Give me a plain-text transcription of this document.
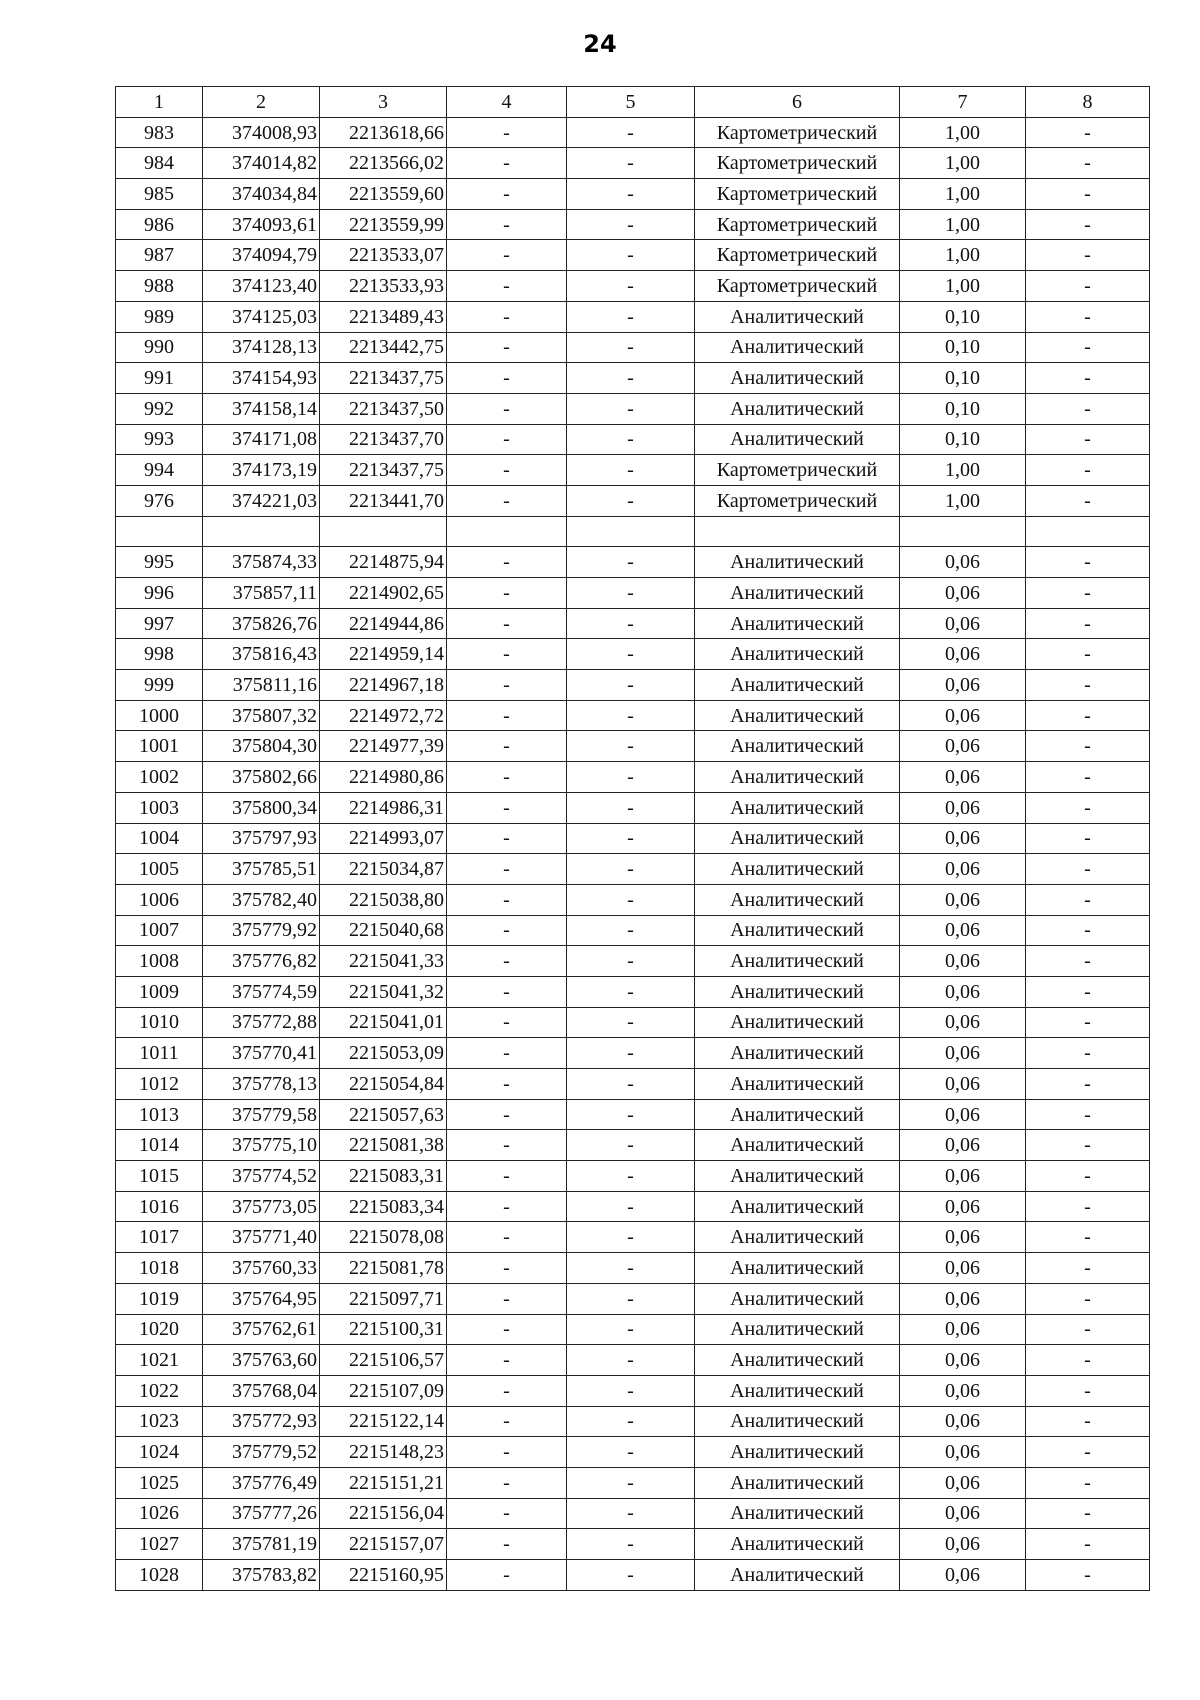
24
1	2	3	4	5	6	7	8
983	374008,93	2213618,66	-	-	Картометрический	1,00	-
984	374014,82	2213566,02	-	-	Картометрический	1,00	-
985	374034,84	2213559,60	-	-	Картометрический	1,00	-
986	374093,61	2213559,99	-	-	Картометрический	1,00	-
987	374094,79	2213533,07	-	-	Картометрический	1,00	-
988	374123,40	2213533,93	-	-	Картометрический	1,00	-
989	374125,03	2213489,43	-	-	Аналитический	0,10	-
990	374128,13	2213442,75	-	-	Аналитический	0,10	-
991	374154,93	2213437,75	-	-	Аналитический	0,10	-
992	374158,14	2213437,50	-	-	Аналитический	0,10	-
993	374171,08	2213437,70	-	-	Аналитический	0,10	-
994	374173,19	2213437,75	-	-	Картометрический	1,00	-
976	374221,03	2213441,70	-	-	Картометрический	1,00	-

995	375874,33	2214875,94	-	-	Аналитический	0,06	-
996	375857,11	2214902,65	-	-	Аналитический	0,06	-
997	375826,76	2214944,86	-	-	Аналитический	0,06	-
998	375816,43	2214959,14	-	-	Аналитический	0,06	-
999	375811,16	2214967,18	-	-	Аналитический	0,06	-
1000	375807,32	2214972,72	-	-	Аналитический	0,06	-
1001	375804,30	2214977,39	-	-	Аналитический	0,06	-
1002	375802,66	2214980,86	-	-	Аналитический	0,06	-
1003	375800,34	2214986,31	-	-	Аналитический	0,06	-
1004	375797,93	2214993,07	-	-	Аналитический	0,06	-
1005	375785,51	2215034,87	-	-	Аналитический	0,06	-
1006	375782,40	2215038,80	-	-	Аналитический	0,06	-
1007	375779,92	2215040,68	-	-	Аналитический	0,06	-
1008	375776,82	2215041,33	-	-	Аналитический	0,06	-
1009	375774,59	2215041,32	-	-	Аналитический	0,06	-
1010	375772,88	2215041,01	-	-	Аналитический	0,06	-
1011	375770,41	2215053,09	-	-	Аналитический	0,06	-
1012	375778,13	2215054,84	-	-	Аналитический	0,06	-
1013	375779,58	2215057,63	-	-	Аналитический	0,06	-
1014	375775,10	2215081,38	-	-	Аналитический	0,06	-
1015	375774,52	2215083,31	-	-	Аналитический	0,06	-
1016	375773,05	2215083,34	-	-	Аналитический	0,06	-
1017	375771,40	2215078,08	-	-	Аналитический	0,06	-
1018	375760,33	2215081,78	-	-	Аналитический	0,06	-
1019	375764,95	2215097,71	-	-	Аналитический	0,06	-
1020	375762,61	2215100,31	-	-	Аналитический	0,06	-
1021	375763,60	2215106,57	-	-	Аналитический	0,06	-
1022	375768,04	2215107,09	-	-	Аналитический	0,06	-
1023	375772,93	2215122,14	-	-	Аналитический	0,06	-
1024	375779,52	2215148,23	-	-	Аналитический	0,06	-
1025	375776,49	2215151,21	-	-	Аналитический	0,06	-
1026	375777,26	2215156,04	-	-	Аналитический	0,06	-
1027	375781,19	2215157,07	-	-	Аналитический	0,06	-
1028	375783,82	2215160,95	-	-	Аналитический	0,06	-
